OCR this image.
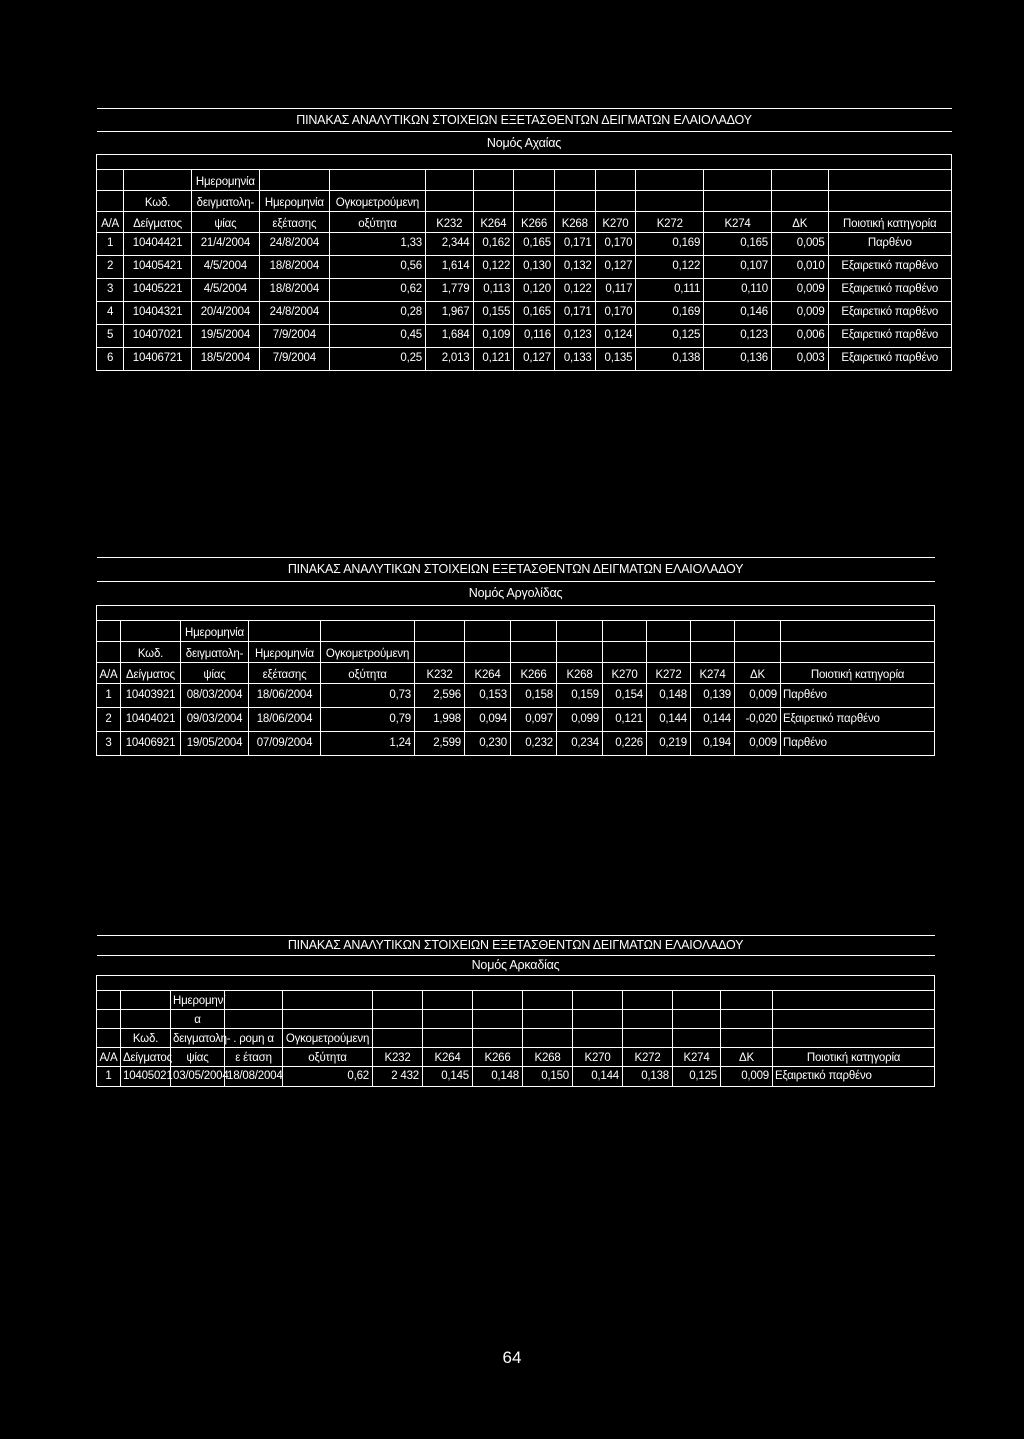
ΠΙΝΑΚΑΣ ΑΝΑΛΥΤΙΚΩΝ ΣΤΟΙΧΕΙΩΝ ΕΞΕΤΑΣΘΕΝΤΩΝ ΔΕΙΓΜΑΤΩΝ ΕΛΑΙΟΛΑΔΟΥ													
Νομός Αχαίας													

		Ημερομηνία											
	Κωδ.	δειγματολη-	Ημερομηνία	Ογκομετρούμενη									
Α/Α	Δείγματος	ψίας	εξέτασης	οξύτητα	Κ232	Κ264	Κ266	Κ268	Κ270	Κ272	Κ274	ΔΚ	Ποιοτική κατηγορία
1	10404421	21/4/2004	24/8/2004	1,33	2,344	0,162	0,165	0,171	0,170	0,169	0,165	0,005	Παρθένο
2	10405421	4/5/2004	18/8/2004	0,56	1,614	0,122	0,130	0,132	0,127	0,122	0,107	0,010	Εξαιρετικό παρθένο
3	10405221	4/5/2004	18/8/2004	0,62	1,779	0,113	0,120	0,122	0,117	0,111	0,110	0,009	Εξαιρετικό παρθένο
4	10404321	20/4/2004	24/8/2004	0,28	1,967	0,155	0,165	0,171	0,170	0,169	0,146	0,009	Εξαιρετικό παρθένο
5	10407021	19/5/2004	7/9/2004	0,45	1,684	0,109	0,116	0,123	0,124	0,125	0,123	0,006	Εξαιρετικό παρθένο
6	10406721	18/5/2004	7/9/2004	0,25	2,013	0,121	0,127	0,133	0,135	0,138	0,136	0,003	Εξαιρετικό παρθένο
ΠΙΝΑΚΑΣ ΑΝΑΛΥΤΙΚΩΝ ΣΤΟΙΧΕΙΩΝ ΕΞΕΤΑΣΘΕΝΤΩΝ ΔΕΙΓΜΑΤΩΝ ΕΛΑΙΟΛΑΔΟΥ													
Νομός Αργολίδας													

		Ημερομηνία											
	Κωδ.	δειγματολη-	Ημερομηνία	Ογκομετρούμενη									
Α/Α	Δείγματος	ψίας	εξέτασης	οξύτητα	Κ232	Κ264	Κ266	Κ268	Κ270	Κ272	Κ274	ΔΚ	Ποιοτική κατηγορία
1	10403921	08/03/2004	18/06/2004	0,73	2,596	0,153	0,158	0,159	0,154	0,148	0,139	0,009	Παρθένο
2	10404021	09/03/2004	18/06/2004	0,79	1,998	0,094	0,097	0,099	0,121	0,144	0,144	-0,020	Εξαιρετικό παρθένο
3	10406921	19/05/2004	07/09/2004	1,24	2,599	0,230	0,232	0,234	0,226	0,219	0,194	0,009	Παρθένο
ΠΙΝΑΚΑΣ ΑΝΑΛΥΤΙΚΩΝ ΣΤΟΙΧΕΙΩΝ ΕΞΕΤΑΣΘΕΝΤΩΝ ΔΕΙΓΜΑΤΩΝ ΕΛΑΙΟΛΑΔΟΥ													
Νομός Αρκαδίας													

		Ημερομηνί											
		α											
	Κωδ.	δειγματολη-	. ρομη α	Ογκομετρούμενη									
Α/Α	Δείγματος	ψίας	ε έταση	οξύτητα	Κ232	Κ264	Κ266	Κ268	Κ270	Κ272	Κ274	ΔΚ	Ποιοτική κατηγορία
1	10405021	03/05/2004	18/08/2004	0,62	2 432	0,145	0,148	0,150	0,144	0,138	0,125	0,009	Εξαιρετικό παρθένο
64
